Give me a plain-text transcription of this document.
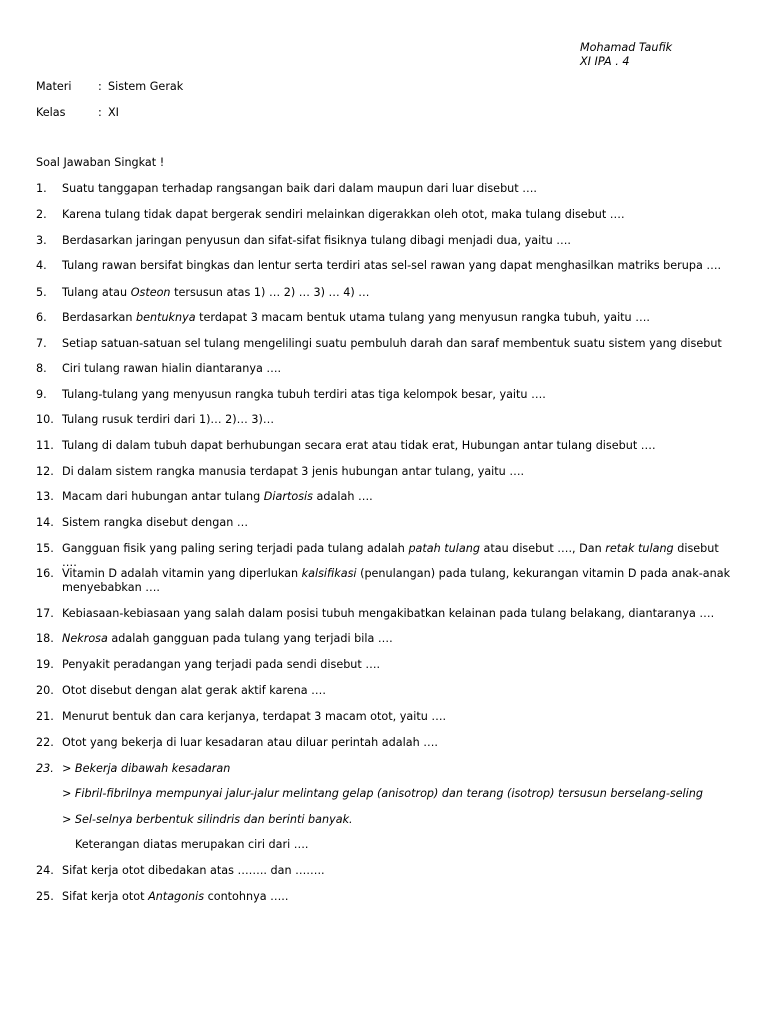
Mohamad Taufik
XI IPA . 4
Materi : Sistem Gerak
Kelas	: XI
Soal Jawaban Singkat !
1.	Suatu tanggapan terhadap rangsangan baik dari dalam maupun dari luar disebut ….
2.	Karena tulang tidak dapat bergerak sendiri melainkan digerakkan oleh otot, maka tulang disebut ….
3.	Berdasarkan jaringan penyusun dan sifat-sifat fisiknya tulang dibagi menjadi dua, yaitu ….
4.	Tulang rawan bersifat bingkas dan lentur serta terdiri atas sel-sel rawan yang dapat menghasilkan matriks berupa ….
5.	Tulang atau Osteon tersusun atas 1) … 2) … 3) … 4) …
6.	Berdasarkan bentuknya terdapat 3 macam bentuk utama tulang yang menyusun rangka tubuh, yaitu ….
7.	Setiap satuan-satuan sel tulang mengelilingi suatu pembuluh darah dan saraf membentuk suatu sistem yang disebut
8.	Ciri tulang rawan hialin diantaranya ….
9.	Tulang-tulang yang menyusun rangka tubuh terdiri atas tiga kelompok besar, yaitu ….
10. Tulang rusuk terdiri dari 1)… 2)… 3)…
11. Tulang di dalam tubuh dapat berhubungan secara erat atau tidak erat, Hubungan antar tulang disebut ….
12. Di dalam sistem rangka manusia terdapat 3 jenis hubungan antar tulang, yaitu ….
13. Macam dari hubungan antar tulang Diartosis adalah ….
14. Sistem rangka disebut dengan …
15. Gangguan fisik yang paling sering terjadi pada tulang adalah patah tulang atau disebut …., Dan retak tulang disebut ….
16. Vitamin D adalah vitamin yang diperlukan kalsifikasi (penulangan) pada tulang, kekurangan vitamin D pada anak-anak menyebabkan ….
17. Kebiasaan-kebiasaan yang salah dalam posisi tubuh mengakibatkan kelainan pada tulang belakang, diantaranya ….
18. Nekrosa adalah gangguan pada tulang yang terjadi bila ….
19. Penyakit peradangan yang terjadi pada sendi disebut ….
20. Otot disebut dengan alat gerak aktif karena ….
21. Menurut bentuk dan cara kerjanya, terdapat 3 macam otot, yaitu ….
22. Otot yang bekerja di luar kesadaran atau diluar perintah adalah ….
23. > Bekerja dibawah kesadaran
> Fibril-fibrilnya mempunyai jalur-jalur melintang gelap (anisotrop) dan terang (isotrop) tersusun berselang-seling
> Sel-selnya berbentuk silindris dan berinti banyak.
Keterangan diatas merupakan ciri dari ….
24. Sifat kerja otot dibedakan atas …….. dan ……..
25. Sifat kerja otot Antagonis contohnya …..
